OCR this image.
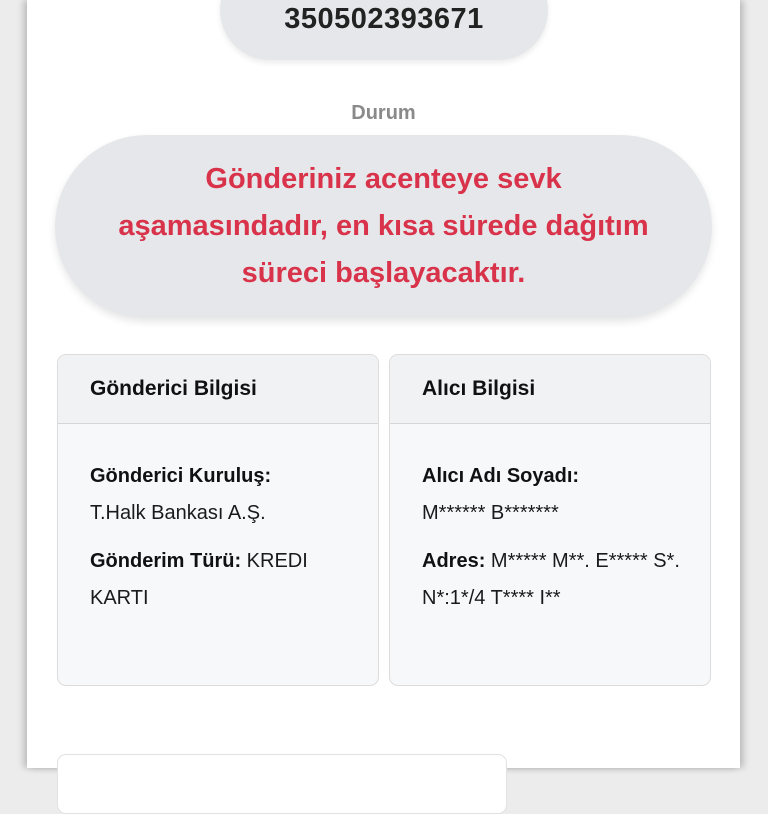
350502393671
Durum
Gönderiniz acenteye sevk aşamasındadır, en kısa sürede dağıtım süreci başlayacaktır.
Gönderici Bilgisi
Gönderici Kuruluş:
T.Halk Bankası A.Ş.
Gönderim Türü: KREDI KARTI
Alıcı Bilgisi
Alıcı Adı Soyadı:
M****** B*******
Adres: M***** M**. E***** S*. N*:1*/4 T**** I**
